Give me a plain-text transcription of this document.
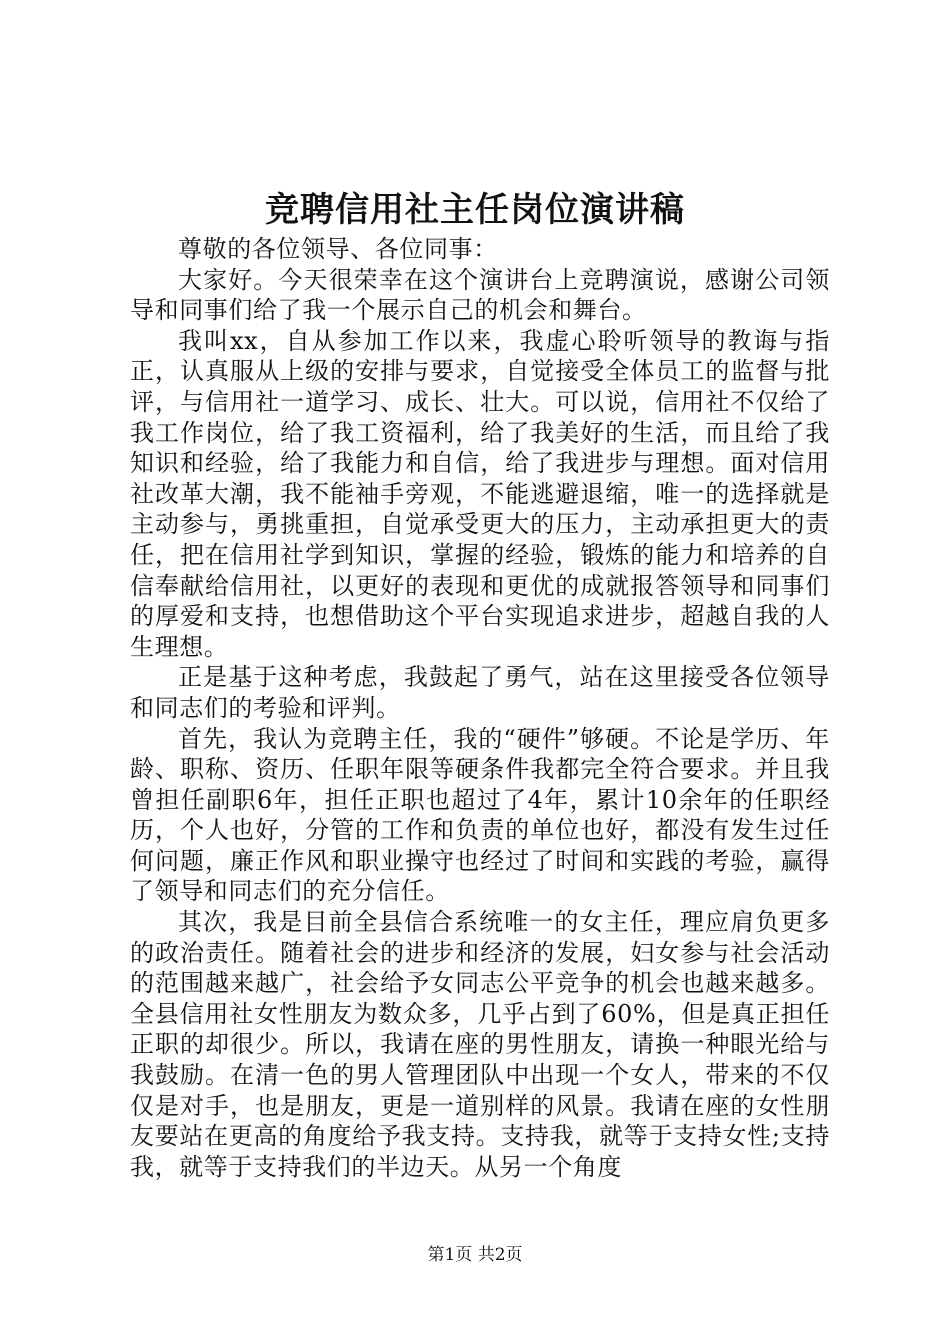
竞聘信用社主任岗位演讲稿

尊敬的各位领导、各位同事：

大家好。今天很荣幸在这个演讲台上竞聘演说，感谢公司领导和同事们给了我一个展示自己的机会和舞台。

我叫xx，自从参加工作以来，我虚心聆听领导的教诲与指正，认真服从上级的安排与要求，自觉接受全体员工的监督与批评，与信用社一道学习、成长、壮大。可以说，信用社不仅给了我工作岗位，给了我工资福利，给了我美好的生活，而且给了我知识和经验，给了我能力和自信，给了我进步与理想。面对信用社改革大潮，我不能袖手旁观，不能逃避退缩，唯一的选择就是主动参与，勇挑重担，自觉承受更大的压力，主动承担更大的责任，把在信用社学到知识，掌握的经验，锻炼的能力和培养的自信奉献给信用社，以更好的表现和更优的成就报答领导和同事们的厚爱和支持，也想借助这个平台实现追求进步，超越自我的人生理想。

正是基于这种考虑，我鼓起了勇气，站在这里接受各位领导和同志们的考验和评判。

首先，我认为竞聘主任，我的“硬件”够硬。不论是学历、年龄、职称、资历、任职年限等硬条件我都完全符合要求。并且我曾担任副职6年，担任正职也超过了4年，累计10余年的任职经历，个人也好，分管的工作和负责的单位也好，都没有发生过任何问题，廉正作风和职业操守也经过了时间和实践的考验，赢得了领导和同志们的充分信任。

其次，我是目前全县信合系统唯一的女主任，理应肩负更多的政治责任。随着社会的进步和经济的发展，妇女参与社会活动的范围越来越广，社会给予女同志公平竞争的机会也越来越多。全县信用社女性朋友为数众多，几乎占到了60%，但是真正担任正职的却很少。所以，我请在座的男性朋友，请换一种眼光给与我鼓励。在清一色的男人管理团队中出现一个女人，带来的不仅仅是对手，也是朋友，更是一道别样的风景。我请在座的女性朋友要站在更高的角度给予我支持。支持我，就等于支持女性;支持我，就等于支持我们的半边天。从另一个角度

第1页 共2页
